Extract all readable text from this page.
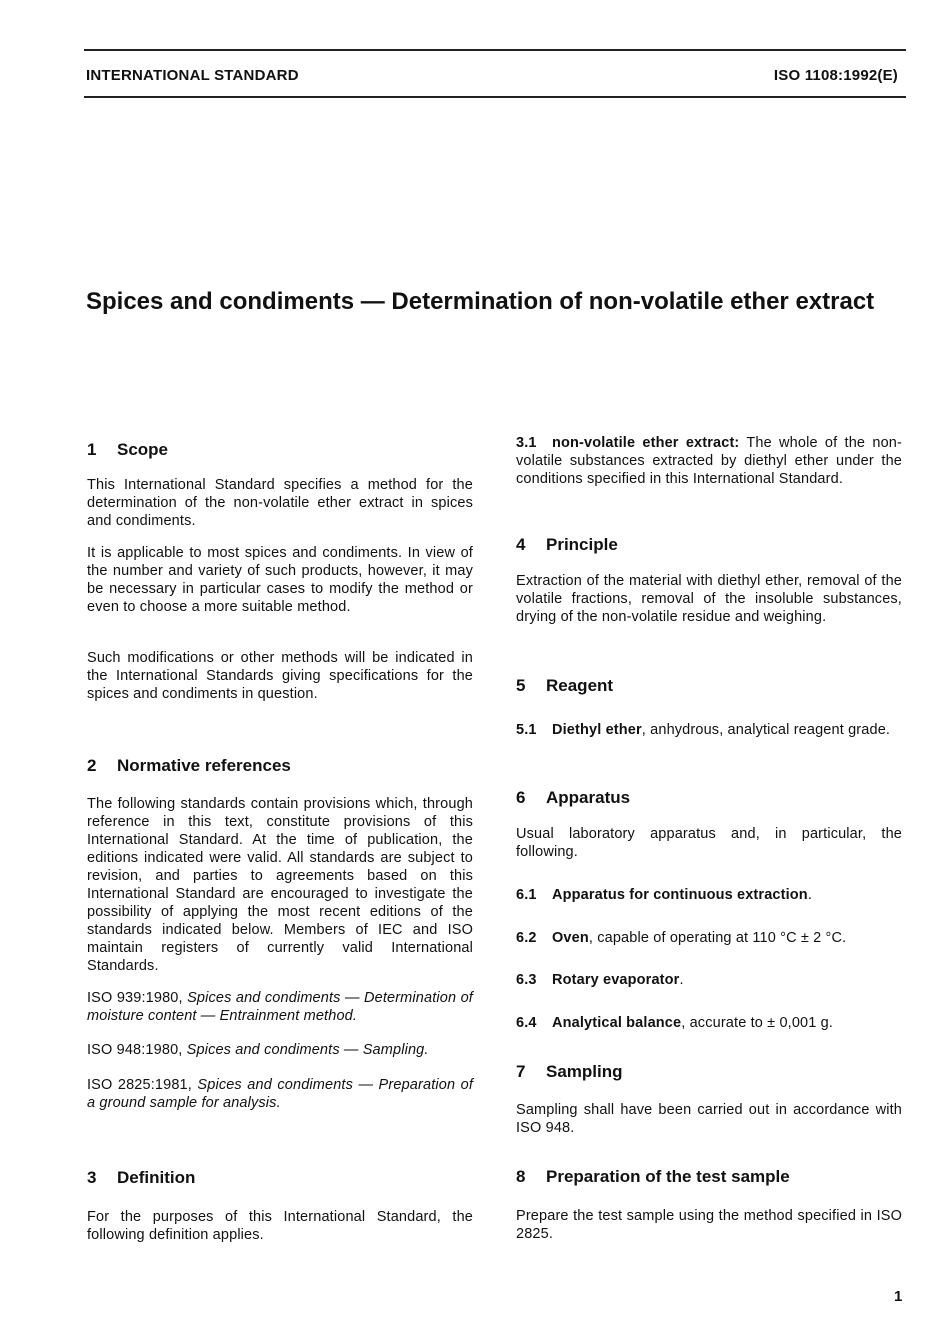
INTERNATIONAL STANDARD	ISO 1108:1992(E)
Spices and condiments — Determination of non-volatile ether extract
1 Scope
This International Standard specifies a method for the determination of the non-volatile ether extract in spices and condiments.
It is applicable to most spices and condiments. In view of the number and variety of such products, however, it may be necessary in particular cases to modify the method or even to choose a more suitable method.
Such modifications or other methods will be indicated in the International Standards giving specifications for the spices and condiments in question.
2 Normative references
The following standards contain provisions which, through reference in this text, constitute provisions of this International Standard. At the time of publication, the editions indicated were valid. All standards are subject to revision, and parties to agreements based on this International Standard are encouraged to investigate the possibility of applying the most recent editions of the standards indicated below. Members of IEC and ISO maintain registers of currently valid International Standards.
ISO 939:1980, Spices and condiments — Determination of moisture content — Entrainment method.
ISO 948:1980, Spices and condiments — Sampling.
ISO 2825:1981, Spices and condiments — Preparation of a ground sample for analysis.
3 Definition
For the purposes of this International Standard, the following definition applies.
3.1 non-volatile ether extract: The whole of the non-volatile substances extracted by diethyl ether under the conditions specified in this International Standard.
4 Principle
Extraction of the material with diethyl ether, removal of the volatile fractions, removal of the insoluble substances, drying of the non-volatile residue and weighing.
5 Reagent
5.1 Diethyl ether, anhydrous, analytical reagent grade.
6 Apparatus
Usual laboratory apparatus and, in particular, the following.
6.1 Apparatus for continuous extraction.
6.2 Oven, capable of operating at 110 °C ± 2 °C.
6.3 Rotary evaporator.
6.4 Analytical balance, accurate to ± 0,001 g.
7 Sampling
Sampling shall have been carried out in accordance with ISO 948.
8 Preparation of the test sample
Prepare the test sample using the method specified in ISO 2825.
1
